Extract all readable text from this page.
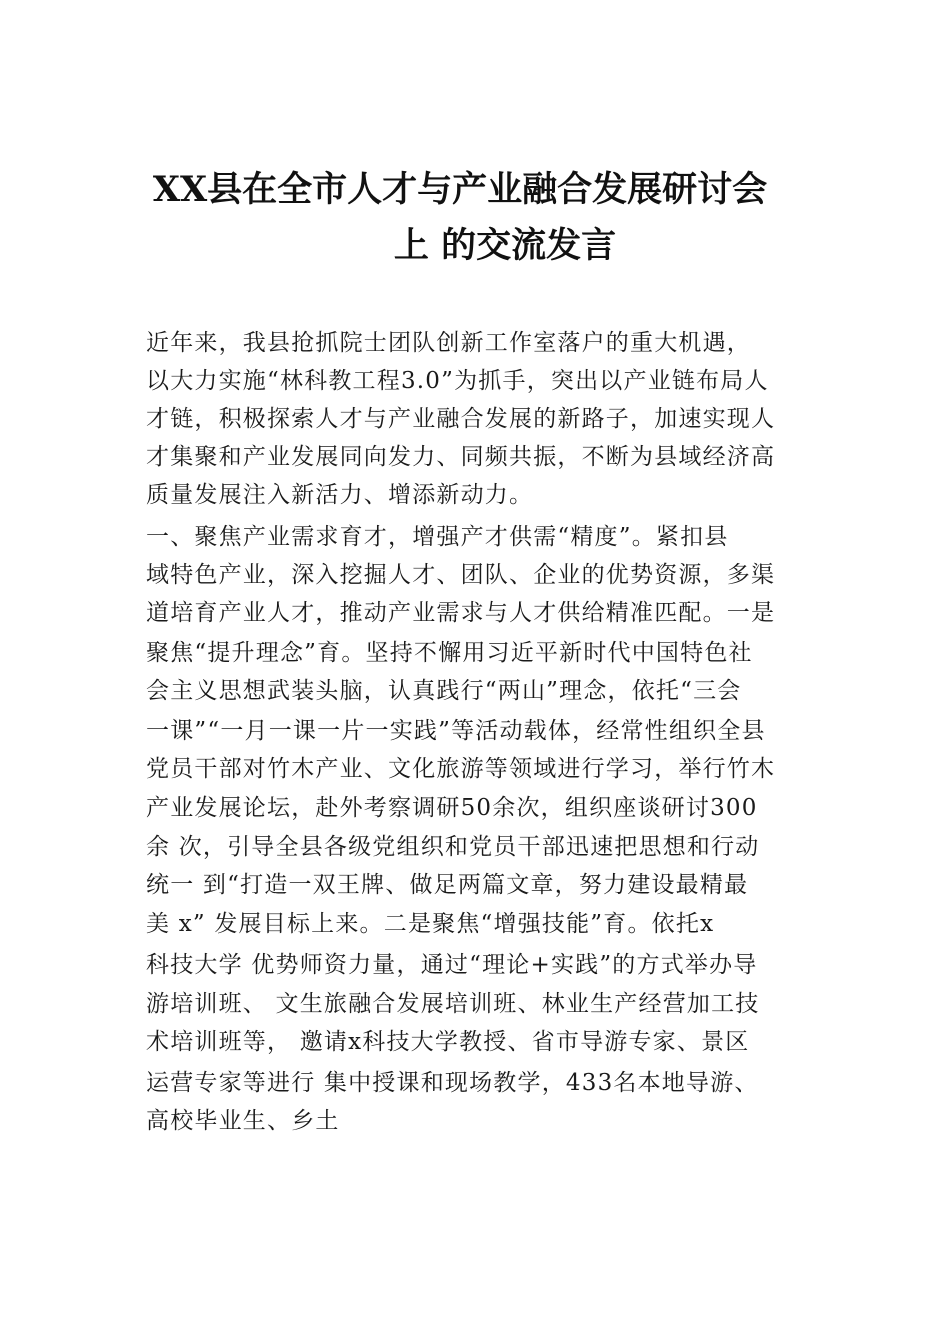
XX县在全市人才与产业融合发展研讨会
上 的交流发言
近年来，我县抢抓院士团队创新工作室落户的重大机遇，
以大力实施“林科教工程3.0”为抓手，突出以产业链布局人
才链，积极探索人才与产业融合发展的新路子，加速实现人
才集聚和产业发展同向发力、同频共振，不断为县域经济高
质量发展注入新活力、增添新动力。
一、聚焦产业需求育才，增强产才供需“精度”。紧扣县
域特色产业，深入挖掘人才、团队、企业的优势资源，多渠
道培育产业人才，推动产业需求与人才供给精准匹配。一是
聚焦“提升理念”育。坚持不懈用习近平新时代中国特色社
会主义思想武装头脑，认真践行“两山”理念，依托“三会
一课”“一月一课一片一实践”等活动载体，经常性组织全县
党员干部对竹木产业、文化旅游等领域进行学习，举行竹木
产业发展论坛，赴外考察调研50余次，组织座谈研讨300
余 次，引导全县各级党组织和党员干部迅速把思想和行动
统一 到“打造一双王牌、做足两篇文章，努力建设最精最
美 x” 发展目标上来。二是聚焦“增强技能”育。依托x
科技大学 优势师资力量，通过“理论+实践”的方式举办导
游培训班、 文生旅融合发展培训班、林业生产经营加工技
术培训班等， 邀请x科技大学教授、省市导游专家、景区
运营专家等进行 集中授课和现场教学，433名本地导游、
高校毕业生、乡土
